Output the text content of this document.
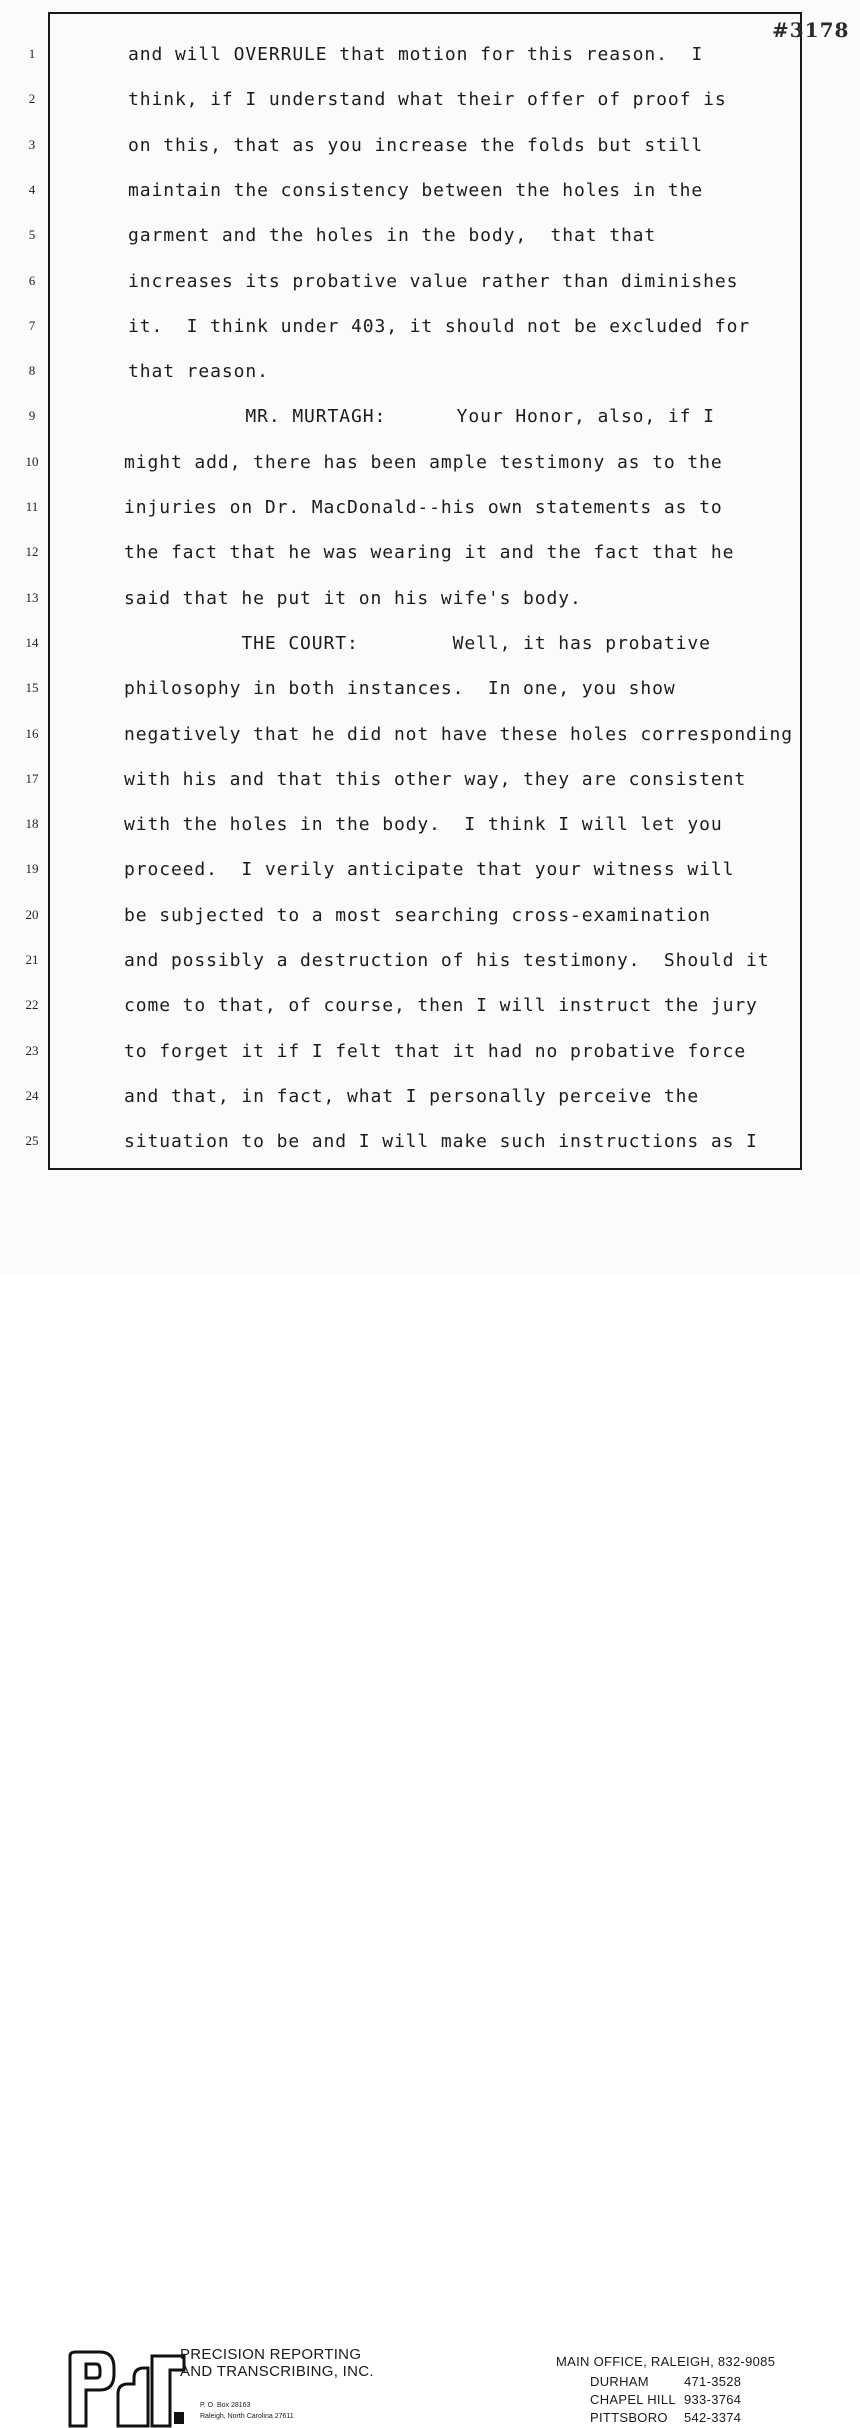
#3178
1	and will OVERRULE that motion for this reason.  I
2	think, if I understand what their offer of proof is
3	on this, that as you increase the folds but still
4	maintain the consistency between the holes in the
5	garment and the holes in the body,  that that
6	increases its probative value rather than diminishes
7	it.  I think under 403, it should not be excluded for
8	that reason.
9	MR. MURTAGH:      Your Honor, also, if I
10	might add, there has been ample testimony as to the
11	injuries on Dr. MacDonald--his own statements as to
12	the fact that he was wearing it and the fact that he
13	said that he put it on his wife's body.
14	THE COURT:        Well, it has probative
15	philosophy in both instances.  In one, you show
16	negatively that he did not have these holes corresponding
17	with his and that this other way, they are consistent
18	with the holes in the body.  I think I will let you
19	proceed.  I verily anticipate that your witness will
20	be subjected to a most searching cross-examination
21	and possibly a destruction of his testimony.  Should it
22	come to that, of course, then I will instruct the jury
23	to forget it if I felt that it had no probative force
24	and that, in fact, what I personally perceive the
25	situation to be and I will make such instructions as I
PRECISION REPORTING
AND TRANSCRIBING, INC.
P. O. Box 28163
Raleigh, North Carolina 27611
MAIN OFFICE, RALEIGH, 832-9085
DURHAM	471-3528
CHAPEL HILL 933-3764
PITTSBORO 542-3374
